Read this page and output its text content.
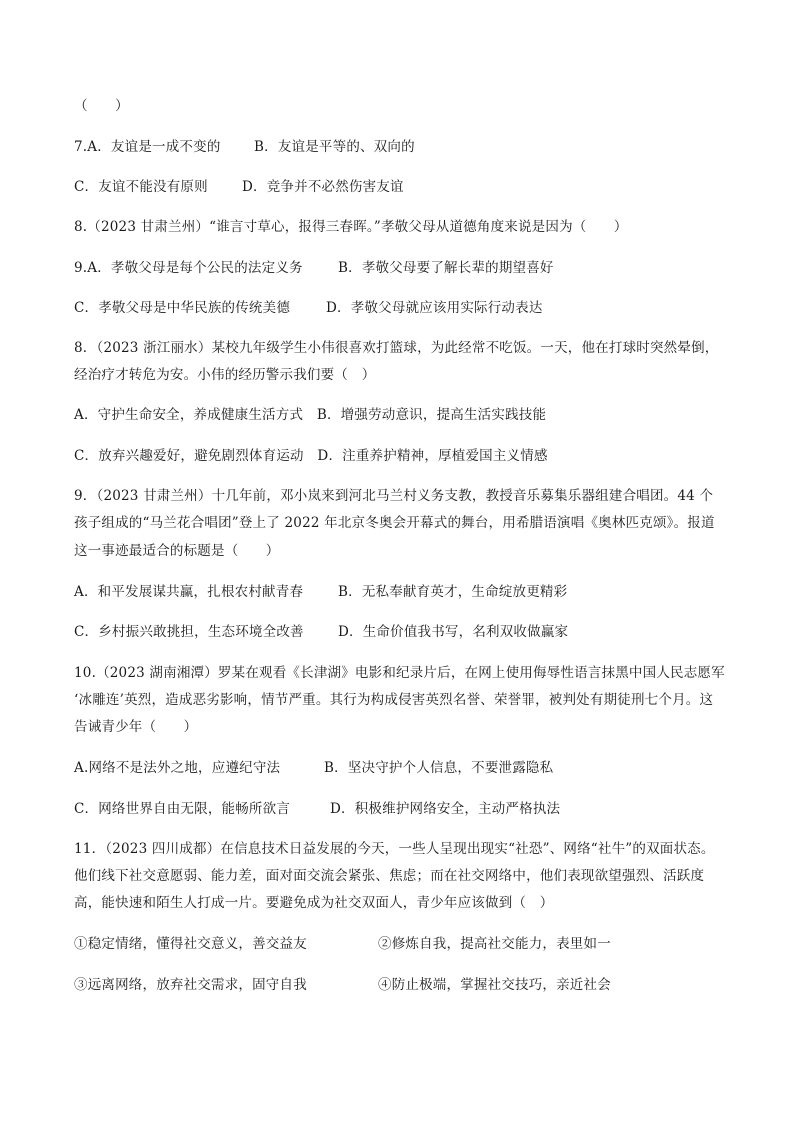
（　　）
7.A．友谊是一成不变的 B．友谊是平等的、双向的
C．友谊不能没有原则	D．竞争并不必然伤害友谊
8.（2023 甘肃兰州）“谁言寸草心，报得三春晖。”孝敬父母从道德角度来说是因为（　　）
9.A．孝敬父母是每个公民的法定义务	B．孝敬父母要了解长辈的期望喜好
C．孝敬父母是中华民族的传统美德	D．孝敬父母就应该用实际行动表达
8．（2023 浙江丽水）某校九年级学生小伟很喜欢打篮球，为此经常不吃饭。一天，他在打球时突然晕倒，
经治疗才转危为安。小伟的经历警示我们要（　）
A．守护生命安全，养成健康生活方式　B．增强劳动意识，提高生活实践技能
C．放弃兴趣爱好，避免剧烈体育运动　D．注重养护精神，厚植爱国主义情感
9．（2023 甘肃兰州）十几年前，邓小岚来到河北马兰村义务支教，教授音乐募集乐器组建合唱团。44 个
孩子组成的“马兰花合唱团”登上了 2022 年北京冬奥会开幕式的舞台，用希腊语演唱《奥林匹克颂》。报道
这一事迹最适合的标题是（　　）
A．和平发展谋共赢，扎根农村献青春	B．无私奉献育英才，生命绽放更精彩
C．乡村振兴敢挑担，生态环境全改善	D．生命价值我书写，名利双收做赢家
10.（2023 湖南湘潭）罗某在观看《长津湖》电影和纪录片后，在网上使用侮辱性语言抹黑中国人民志愿军
‘冰雕连’英烈，造成恶劣影响，情节严重。其行为构成侵害英烈名誉、荣誉罪，被判处有期徒刑七个月。这
告诫青少年（　　）
A.网络不是法外之地，应遵纪守法	B．坚决守护个人信息，不要泄露隐私
C．网络世界自由无限，能畅所欲言	D．积极维护网络安全，主动严格执法
11．（2023 四川成都）在信息技术日益发展的今天，一些人呈现出现实“社恐”、网络“社牛”的双面状态。
他们线下社交意愿弱、能力差，面对面交流会紧张、焦虑；而在社交网络中，他们表现欲望强烈、活跃度
高，能快速和陌生人打成一片。要避免成为社交双面人，青少年应该做到（　）
①稳定情绪，懂得社交意义，善交益友	②修炼自我，提高社交能力，表里如一
③远离网络，放弃社交需求，固守自我	④防止极端，掌握社交技巧，亲近社会
